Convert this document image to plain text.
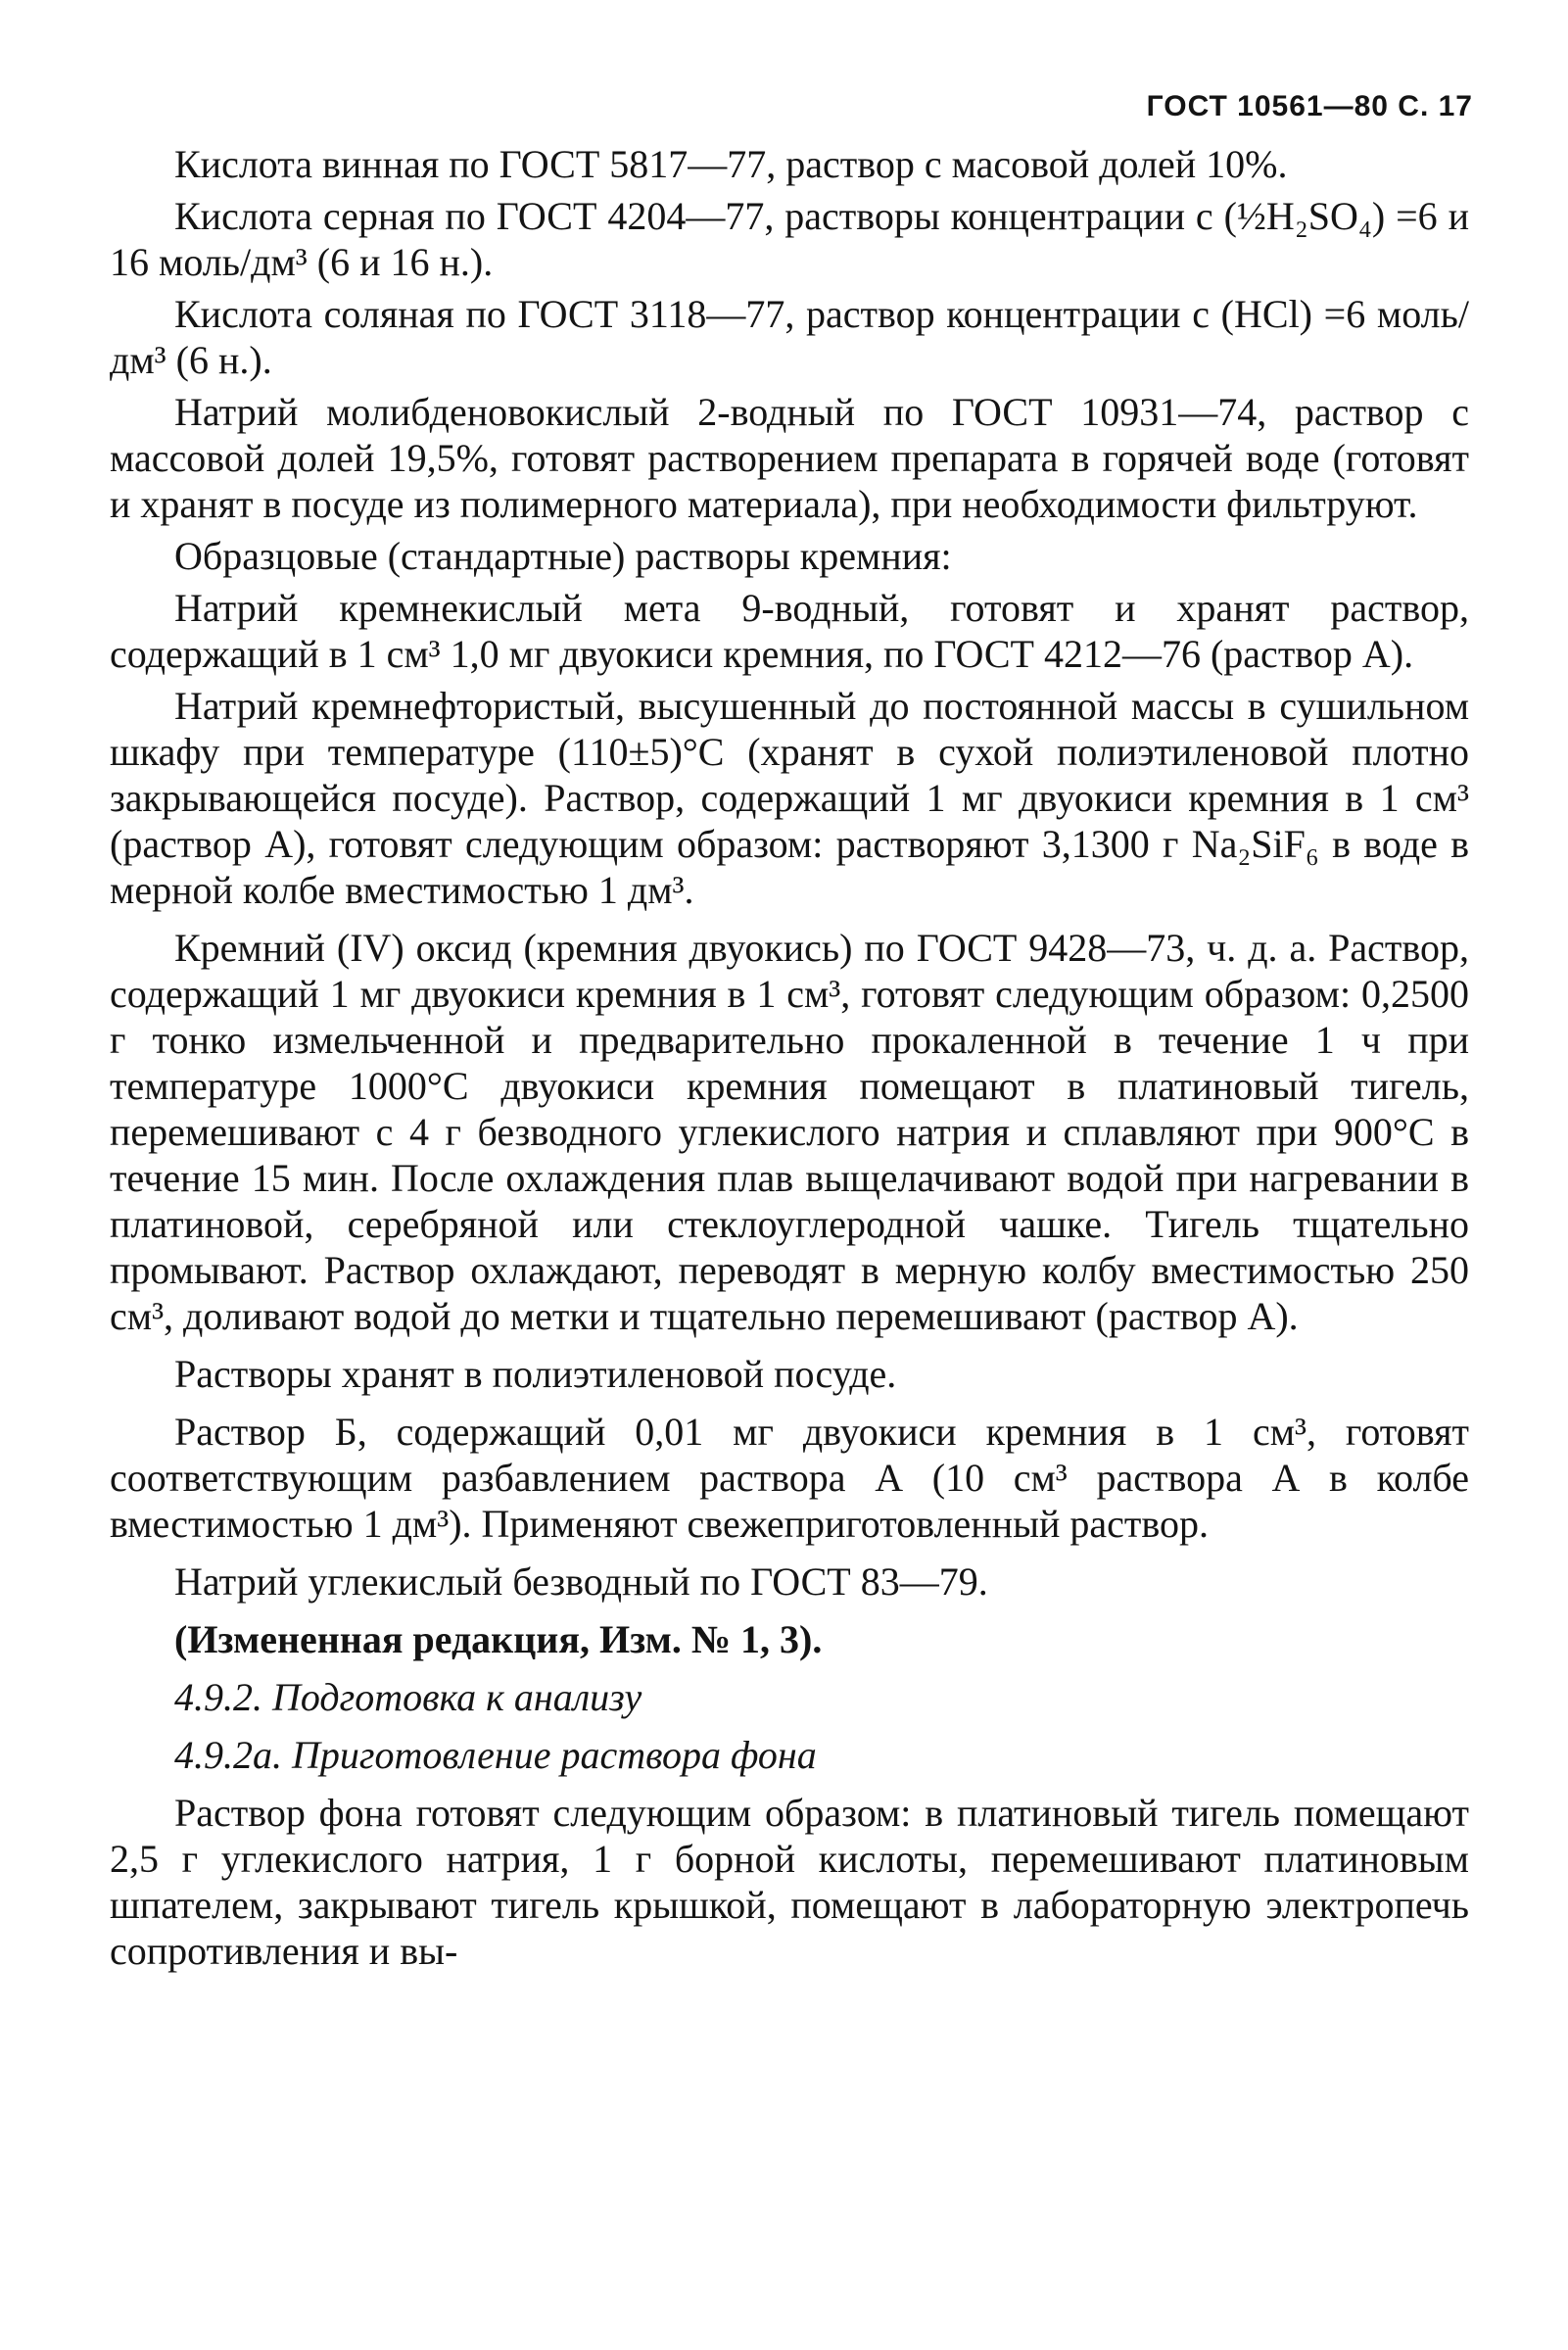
ГОСТ 10561—80 С. 17

Кислота винная по ГОСТ 5817—77, раствор с масовой долей 10%.

Кислота серная по ГОСТ 4204—77, растворы концентрации с (½H₂SO₄) =6 и 16 моль/дм³ (6 и 16 н.).

Кислота соляная по ГОСТ 3118—77, раствор концентрации с (HCl) =6 моль/дм³ (6 н.).

Натрий молибденовокислый 2-водный по ГОСТ 10931—74, раствор с массовой долей 19,5%, готовят растворением препарата в горячей воде (готовят и хранят в посуде из полимерного материала), при необходимости фильтруют.

Образцовые (стандартные) растворы кремния:

Натрий кремнекислый мета 9-водный, готовят и хранят раствор, содержащий в 1 см³ 1,0 мг двуокиси кремния, по ГОСТ 4212—76 (раствор А).

Натрий кремнефтористый, высушенный до постоянной массы в сушильном шкафу при температуре (110±5)°С (хранят в сухой полиэтиленовой плотно закрывающейся посуде). Раствор, содержащий 1 мг двуокиси кремния в 1 см³ (раствор А), готовят следующим образом: растворяют 3,1300 г Na₂SiF₆ в воде в мерной колбе вместимостью 1 дм³.

Кремний (IV) оксид (кремния двуокись) по ГОСТ 9428—73, ч. д. а. Раствор, содержащий 1 мг двуокиси кремния в 1 см³, готовят следующим образом: 0,2500 г тонко измельченной и предварительно прокаленной в течение 1 ч при температуре 1000°С двуокиси кремния помещают в платиновый тигель, перемешивают с 4 г безводного углекислого натрия и сплавляют при 900°С в течение 15 мин. После охлаждения плав выщелачивают водой при нагревании в платиновой, серебряной или стеклоуглеродной чашке. Тигель тщательно промывают. Раствор охлаждают, переводят в мерную колбу вместимостью 250 см³, доливают водой до метки и тщательно перемешивают (раствор А).

Растворы хранят в полиэтиленовой посуде.

Раствор Б, содержащий 0,01 мг двуокиси кремния в 1 см³, готовят соответствующим разбавлением раствора А (10 см³ раствора А в колбе вместимостью 1 дм³). Применяют свежеприготовленный раствор.

Натрий углекислый безводный по ГОСТ 83—79.

(Измененная редакция, Изм. № 1, 3).

4.9.2. Подготовка к анализу

4.9.2а. Приготовление раствора фона

Раствор фона готовят следующим образом: в платиновый тигель помещают 2,5 г углекислого натрия, 1 г борной кислоты, перемешивают платиновым шпателем, закрывают тигель крышкой, помещают в лабораторную электропечь сопротивления и вы-
